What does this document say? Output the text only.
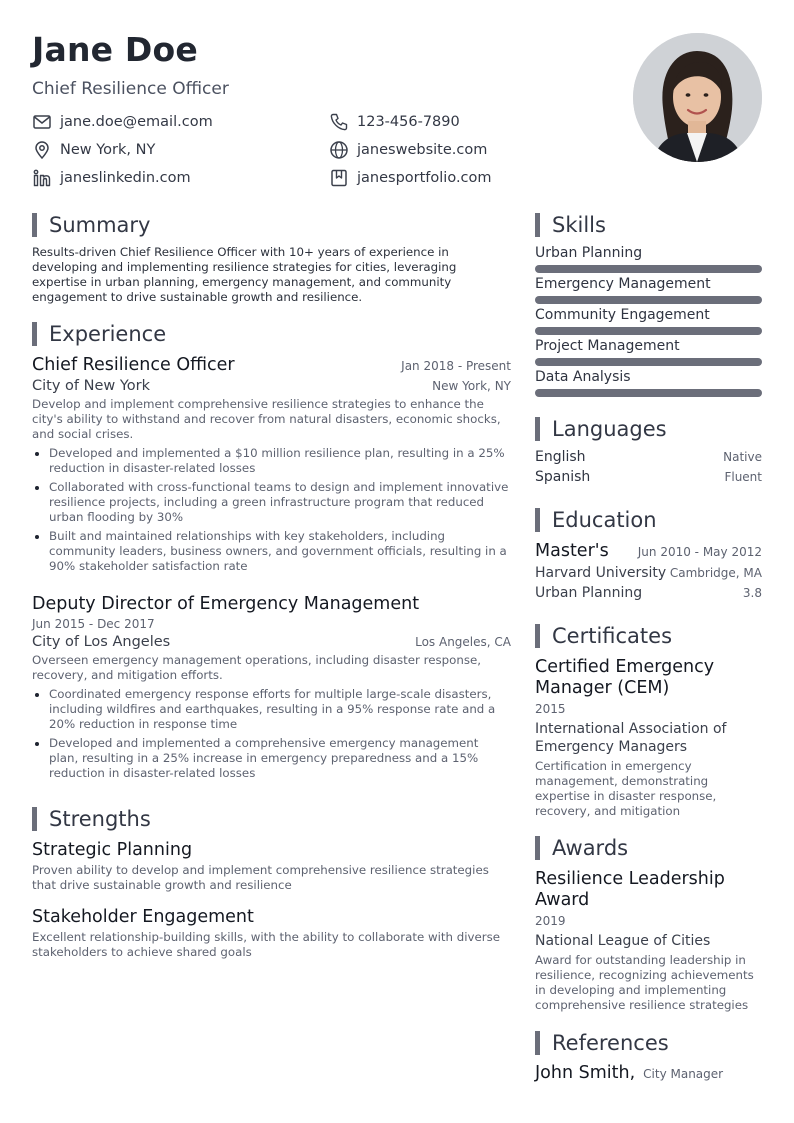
Jane Doe
Chief Resilience Officer
jane.doe@email.com	123-456-7890
New York, NY	janeswebsite.com
janeslinkedin.com	janesportfolio.com
Summary
Results-driven Chief Resilience Officer with 10+ years of experience in developing and implementing resilience strategies for cities, leveraging expertise in urban planning, emergency management, and community engagement to drive sustainable growth and resilience.
Experience
Chief Resilience Officer	Jan 2018 - Present
City of New York	New York, NY
Develop and implement comprehensive resilience strategies to enhance the city's ability to withstand and recover from natural disasters, economic shocks, and social crises.
Developed and implemented a $10 million resilience plan, resulting in a 25% reduction in disaster-related losses
Collaborated with cross-functional teams to design and implement innovative resilience projects, including a green infrastructure program that reduced urban flooding by 30%
Built and maintained relationships with key stakeholders, including community leaders, business owners, and government officials, resulting in a 90% stakeholder satisfaction rate
Deputy Director of Emergency Management
Jun 2015 - Dec 2017
City of Los Angeles	Los Angeles, CA
Overseen emergency management operations, including disaster response, recovery, and mitigation efforts.
Coordinated emergency response efforts for multiple large-scale disasters, including wildfires and earthquakes, resulting in a 95% response rate and a 20% reduction in response time
Developed and implemented a comprehensive emergency management plan, resulting in a 25% increase in emergency preparedness and a 15% reduction in disaster-related losses
Strengths
Strategic Planning
Proven ability to develop and implement comprehensive resilience strategies that drive sustainable growth and resilience
Stakeholder Engagement
Excellent relationship-building skills, with the ability to collaborate with diverse stakeholders to achieve shared goals
Skills
Urban Planning
Emergency Management
Community Engagement
Project Management
Data Analysis
Languages
English	Native
Spanish	Fluent
Education
Master's Jun 2010 - May 2012
Harvard University Cambridge, MA
Urban Planning	3.8
Certificates
Certified Emergency Manager (CEM)
2015
International Association of Emergency Managers
Certification in emergency management, demonstrating expertise in disaster response, recovery, and mitigation
Awards
Resilience Leadership Award
2019
National League of Cities
Award for outstanding leadership in resilience, recognizing achievements in developing and implementing comprehensive resilience strategies
References
John Smith, City Manager
